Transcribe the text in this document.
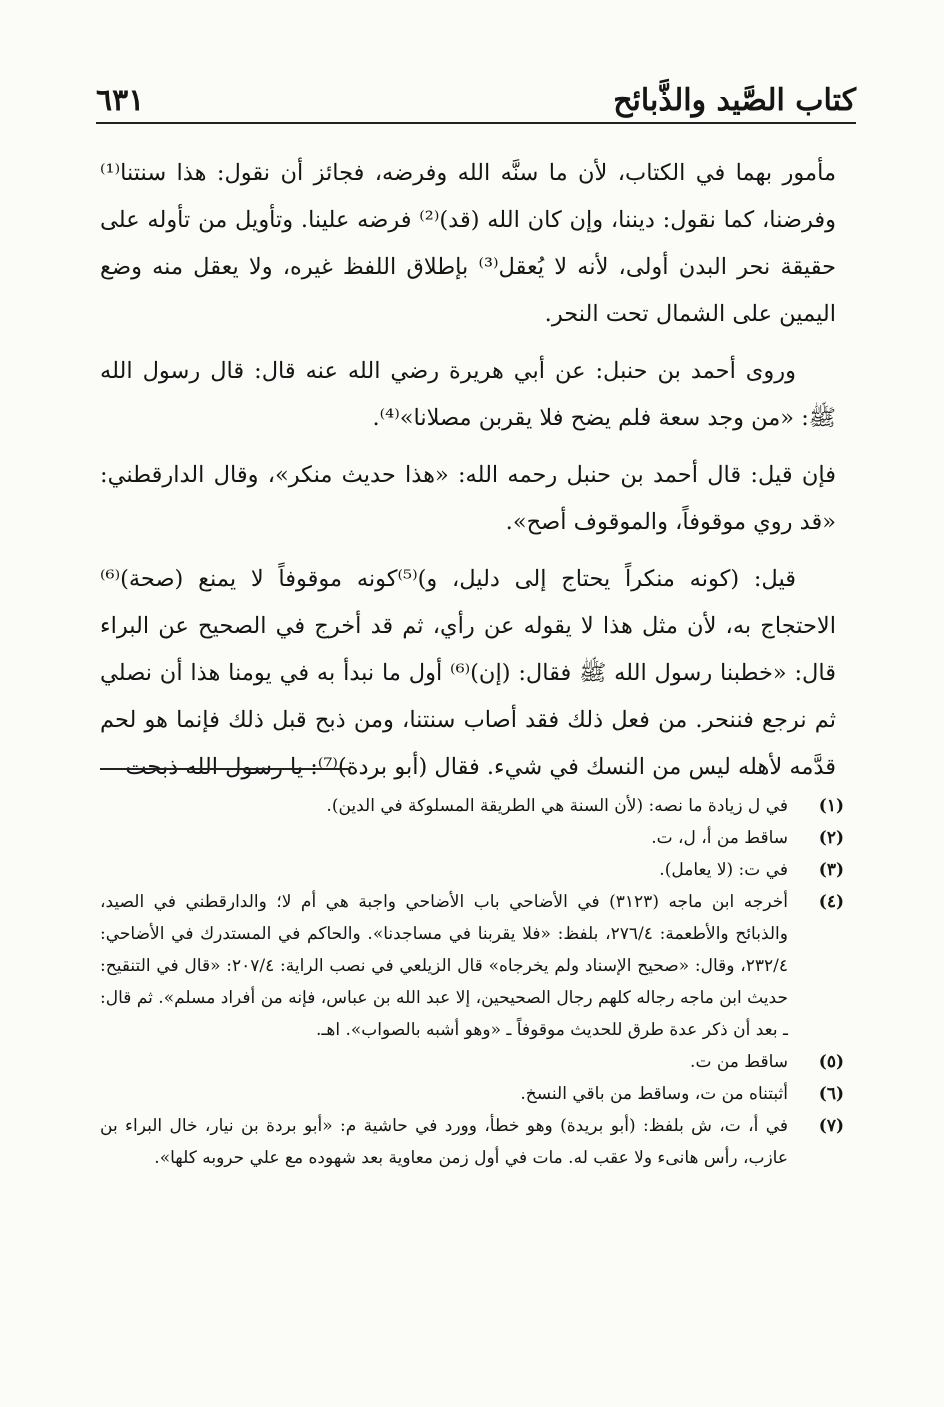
كتاب الصَّيد والذَّبائح
٦٣١

مأمور بهما في الكتاب، لأن ما سنَّه الله وفرضه، فجائز أن نقول: هذا سنتنا⁽¹⁾ وفرضنا، كما نقول: ديننا، وإن كان الله (قد)⁽²⁾ فرضه علينا. وتأويل من تأوله على حقيقة نحر البدن أولى، لأنه لا يُعقل⁽³⁾ بإطلاق اللفظ غيره، ولا يعقل منه وضع اليمين على الشمال تحت النحر.

وروى أحمد بن حنبل: عن أبي هريرة رضي الله عنه قال: قال رسول الله ﷺ: «من وجد سعة فلم يضح فلا يقربن مصلانا»⁽⁴⁾.

فإن قيل: قال أحمد بن حنبل رحمه الله: «هذا حديث منكر»، وقال الدارقطني: «قد روي موقوفاً، والموقوف أصح».

قيل: (كونه منكراً يحتاج إلى دليل، و)⁽⁵⁾كونه موقوفاً لا يمنع (صحة)⁽⁶⁾ الاحتجاج به، لأن مثل هذا لا يقوله عن رأي، ثم قد أخرج في الصحيح عن البراء قال: «خطبنا رسول الله ﷺ فقال: (إن)⁽⁶⁾ أول ما نبدأ به في يومنا هذا أن نصلي ثم نرجع فننحر. من فعل ذلك فقد أصاب سنتنا، ومن ذبح قبل ذلك فإنما هو لحم قدَّمه لأهله ليس من النسك في شيء. فقال (أبو بردة)⁽⁷⁾: يا رسول الله ذبحت

(١)
في ل زيادة ما نصه: (لأن السنة هي الطريقة المسلوكة في الدين).
(٢)
ساقط من أ، ل، ت.
(٣)
في ت: (لا يعامل).
(٤)
أخرجه ابن ماجه (٣١٢٣) في الأضاحي باب الأضاحي واجبة هي أم لا؛ والدارقطني في الصيد، والذبائح والأطعمة: ٢٧٦/٤، بلفظ: «فلا يقربنا في مساجدنا». والحاكم في المستدرك في الأضاحي: ٢٣٢/٤، وقال: «صحيح الإسناد ولم يخرجاه» قال الزيلعي في نصب الراية: ٢٠٧/٤: «قال في التنقيح: حديث ابن ماجه رجاله كلهم رجال الصحيحين، إلا عبد الله بن عباس، فإنه من أفراد مسلم». ثم قال: ـ بعد أن ذكر عدة طرق للحديث موقوفاً ـ «وهو أشبه بالصواب». اهـ.
(٥)
ساقط من ت.
(٦)
أثبتناه من ت، وساقط من باقي النسخ.
(٧)
في أ، ت، ش بلفظ: (أبو بريدة) وهو خطأ، وورد في حاشية م: «أبو بردة بن نيار، خال البراء بن عازب، رأس هانىء ولا عقب له. مات في أول زمن معاوية بعد شهوده مع علي حروبه كلها».
